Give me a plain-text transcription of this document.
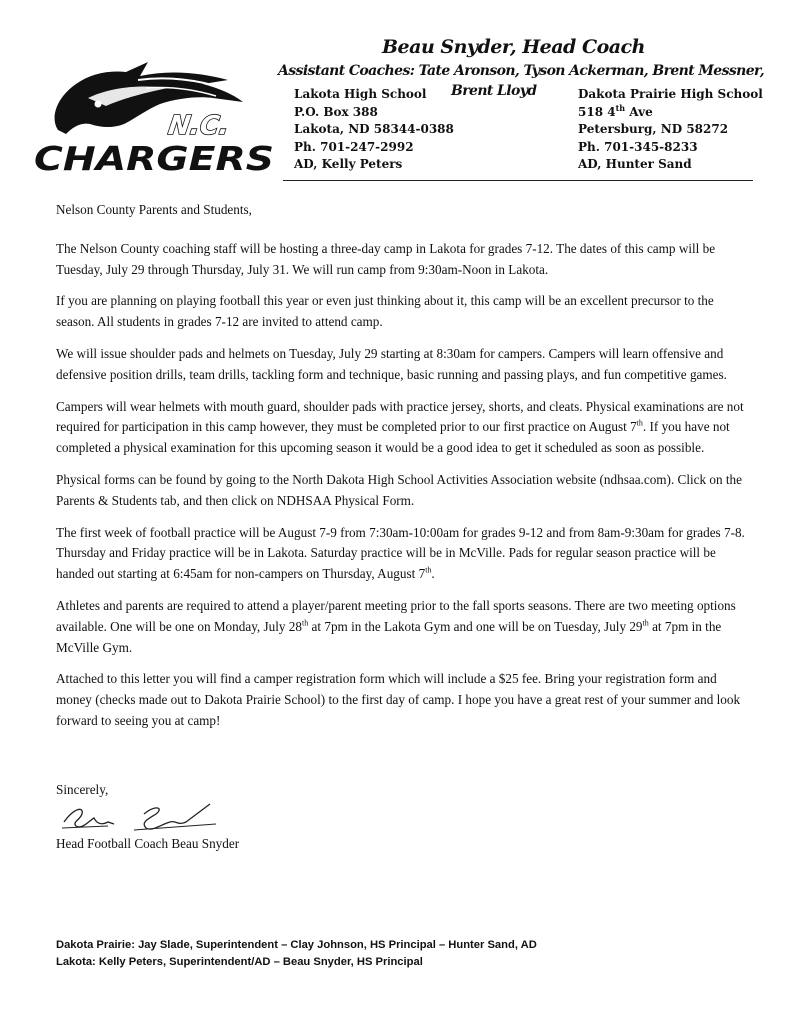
N.C.
CHARGERS
Beau Snyder, Head Coach
Assistant Coaches: Tate Aronson, Tyson Ackerman, Brent Messner,
Brent Lloyd
Lakota High School
P.O. Box 388
Lakota, ND 58344-0388
Ph. 701-247-2992
AD, Kelly Peters
Dakota Prairie High School
518 4th Ave
Petersburg, ND 58272
Ph. 701-345-8233
AD, Hunter Sand

Nelson County Parents and Students,

The Nelson County coaching staff will be hosting a three-day camp in Lakota for grades 7-12. The dates of this camp will be Tuesday, July 29 through Thursday, July 31. We will run camp from 9:30am-Noon in Lakota.

If you are planning on playing football this year or even just thinking about it, this camp will be an excellent precursor to the season. All students in grades 7-12 are invited to attend camp.

We will issue shoulder pads and helmets on Tuesday, July 29 starting at 8:30am for campers. Campers will learn offensive and defensive position drills, team drills, tackling form and technique, basic running and passing plays, and fun competitive games.

Campers will wear helmets with mouth guard, shoulder pads with practice jersey, shorts, and cleats. Physical examinations are not required for participation in this camp however, they must be completed prior to our first practice on August 7th. If you have not completed a physical examination for this upcoming season it would be a good idea to get it scheduled as soon as possible.

Physical forms can be found by going to the North Dakota High School Activities Association website (ndhsaa.com). Click on the Parents & Students tab, and then click on NDHSAA Physical Form.

The first week of football practice will be August 7-9 from 7:30am-10:00am for grades 9-12 and from 8am-9:30am for grades 7-8. Thursday and Friday practice will be in Lakota. Saturday practice will be in McVille. Pads for regular season practice will be handed out starting at 6:45am for non-campers on Thursday, August 7th.

Athletes and parents are required to attend a player/parent meeting prior to the fall sports seasons. There are two meeting options available. One will be one on Monday, July 28th at 7pm in the Lakota Gym and one will be on Tuesday, July 29th at 7pm in the McVille Gym.

Attached to this letter you will find a camper registration form which will include a $25 fee. Bring your registration form and money (checks made out to Dakota Prairie School) to the first day of camp. I hope you have a great rest of your summer and look forward to seeing you at camp!

Sincerely,
Head Football Coach Beau Snyder
Dakota Prairie: Jay Slade, Superintendent – Clay Johnson, HS Principal – Hunter Sand, AD
Lakota: Kelly Peters, Superintendent/AD – Beau Snyder, HS Principal
